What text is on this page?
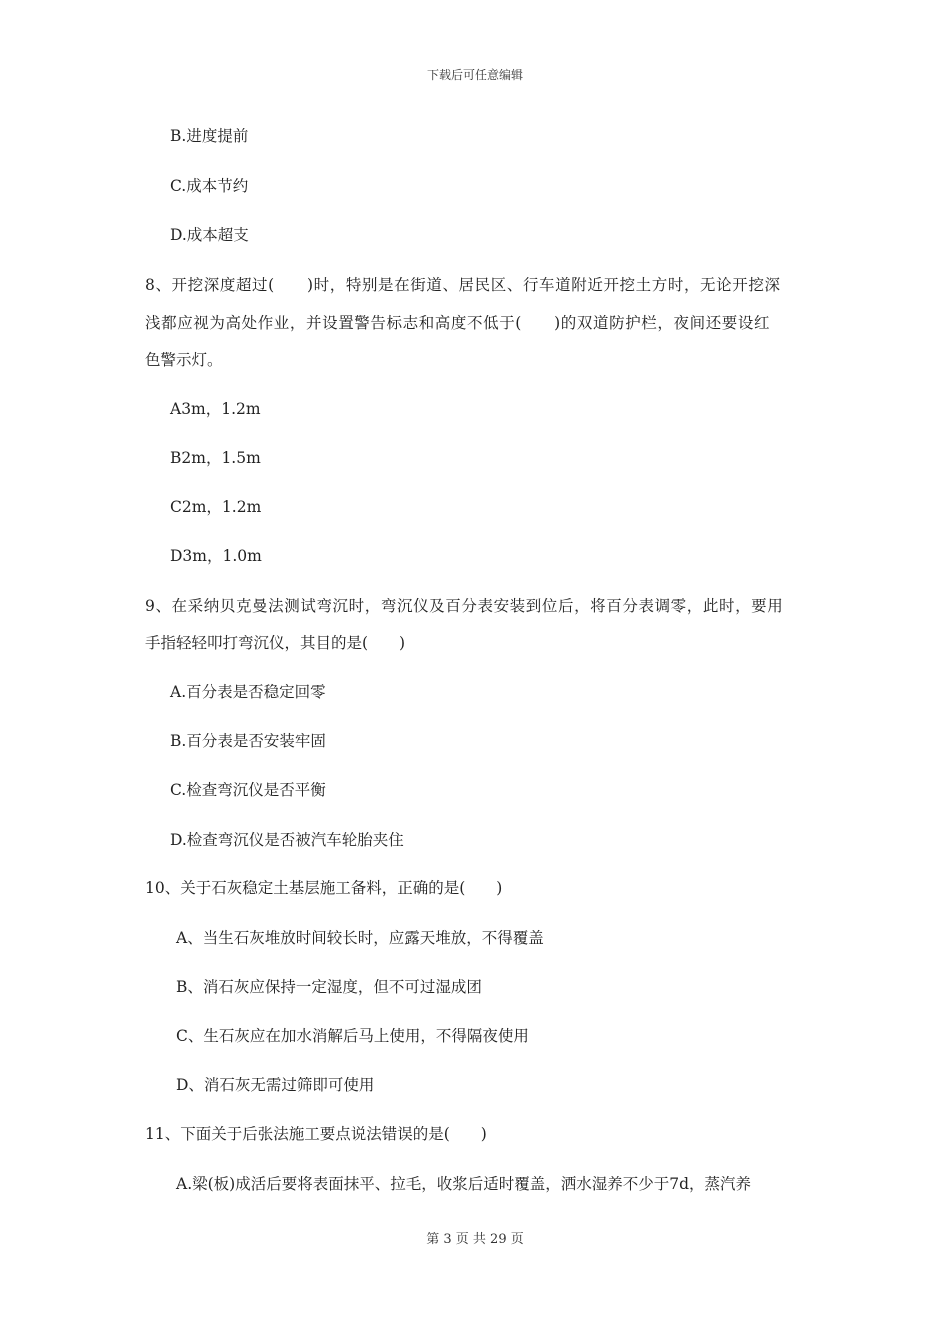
下载后可任意编辑
B.进度提前
C.成本节约
D.成本超支
8、开挖深度超过(　　)时，特别是在街道、居民区、行车道附近开挖土方时，无论开挖深
浅都应视为高处作业，并设置警告标志和高度不低于(　　)的双道防护栏，夜间还要设红
色警示灯。
A3m，1.2m
B2m，1.5m
C2m，1.2m
D3m，1.0m
9、在采纳贝克曼法测试弯沉时，弯沉仪及百分表安装到位后，将百分表调零，此时，要用
手指轻轻叩打弯沉仪，其目的是(　　)
A.百分表是否稳定回零
B.百分表是否安装牢固
C.检查弯沉仪是否平衡
D.检查弯沉仪是否被汽车轮胎夹住
10、关于石灰稳定土基层施工备料，正确的是(　　)
A、当生石灰堆放时间较长时，应露天堆放，不得覆盖
B、消石灰应保持一定湿度，但不可过湿成团
C、生石灰应在加水消解后马上使用，不得隔夜使用
D、消石灰无需过筛即可使用
11、下面关于后张法施工要点说法错误的是(　　)
A.梁(板)成活后要将表面抹平、拉毛，收浆后适时覆盖，洒水湿养不少于7d，蒸汽养
第 3 页 共 29 页
